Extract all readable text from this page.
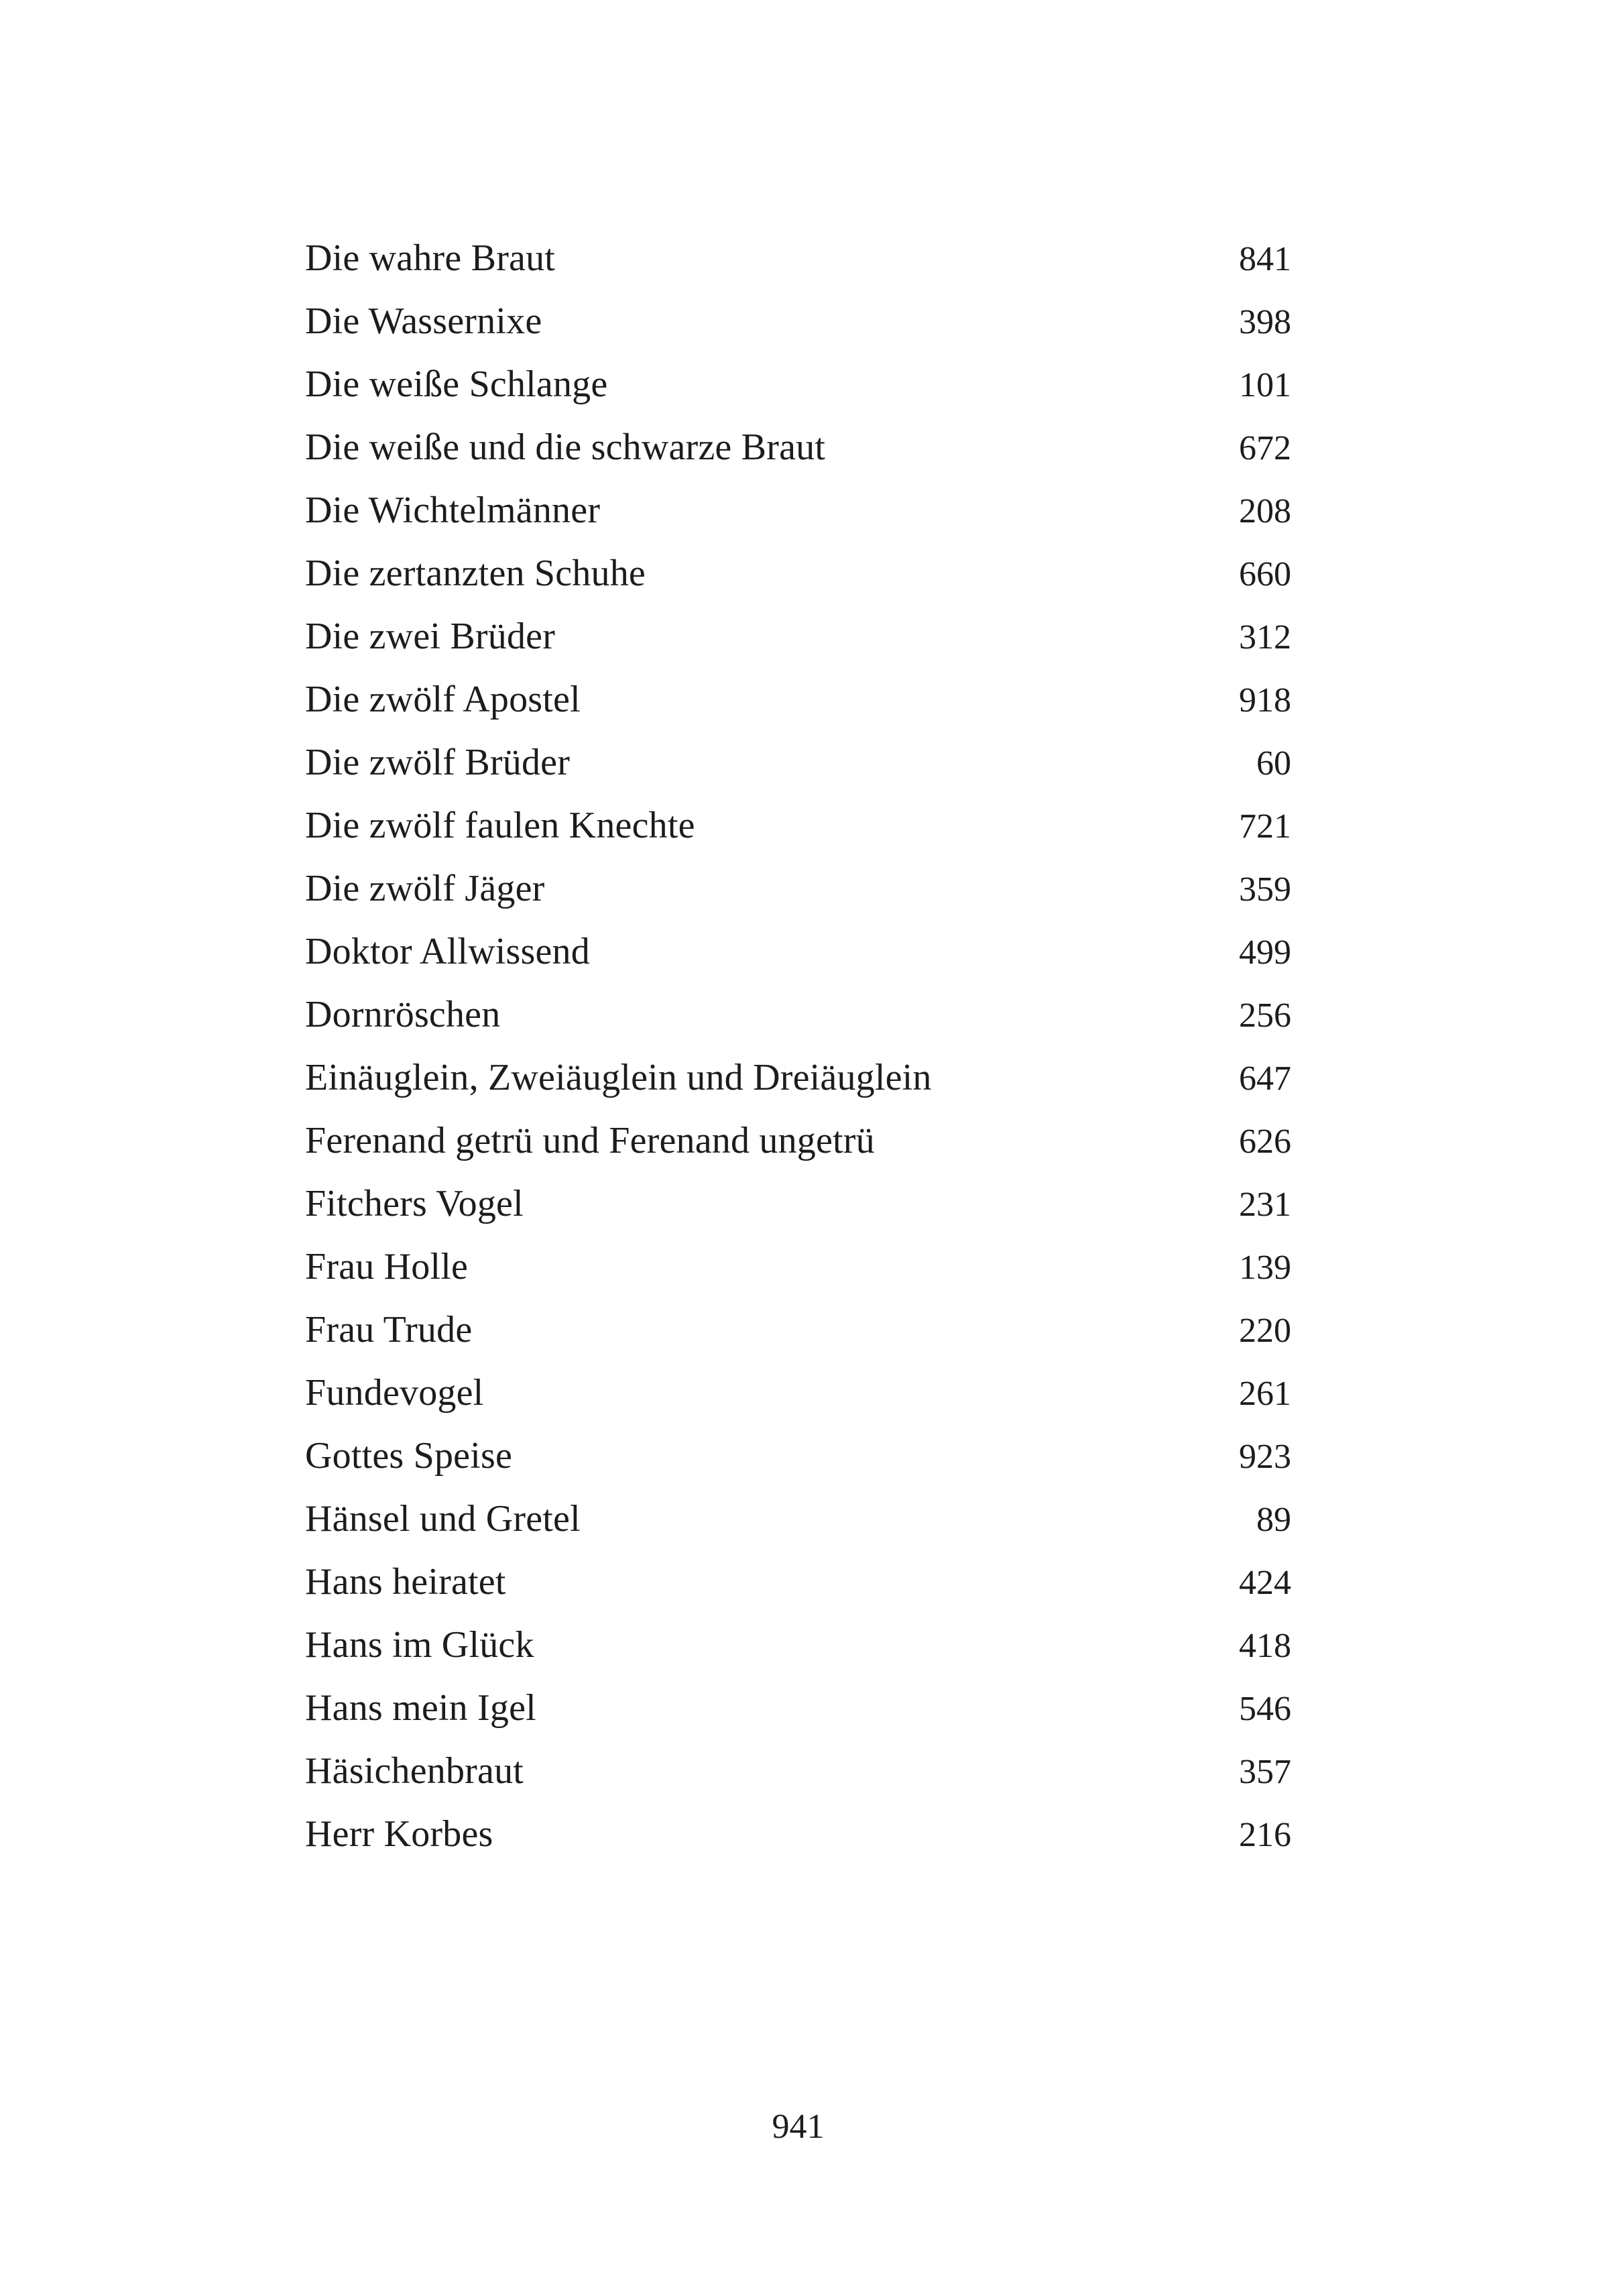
Die wahre Braut	841
Die Wassernixe	398
Die weiße Schlange	101
Die weiße und die schwarze Braut	672
Die Wichtelmänner	208
Die zertanzten Schuhe	660
Die zwei Brüder	312
Die zwölf Apostel	918
Die zwölf Brüder	60
Die zwölf faulen Knechte	721
Die zwölf Jäger	359
Doktor Allwissend	499
Dornröschen	256
Einäuglein, Zweiäuglein und Dreiäuglein	647
Ferenand getrü und Ferenand ungetrü	626
Fitchers Vogel	231
Frau Holle	139
Frau Trude	220
Fundevogel	261
Gottes Speise	923
Hänsel und Gretel	89
Hans heiratet	424
Hans im Glück	418
Hans mein Igel	546
Häsichenbraut	357
Herr Korbes	216
941
